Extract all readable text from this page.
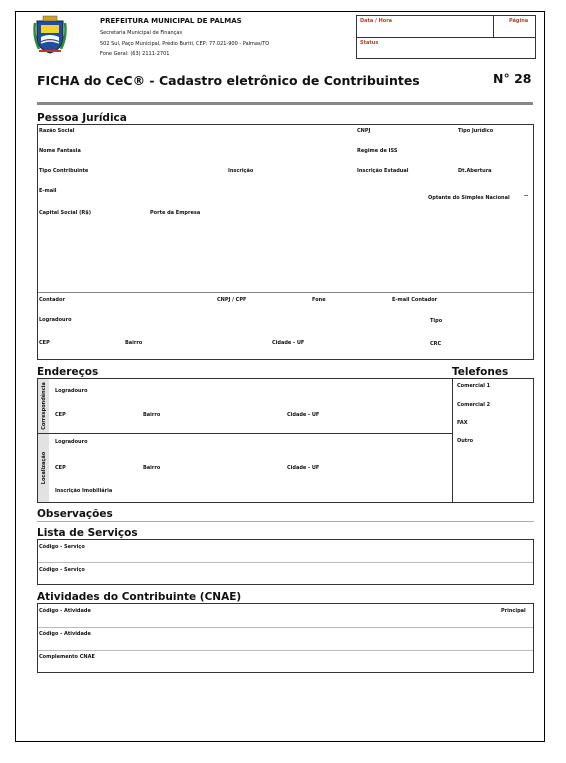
PREFEITURA MUNICIPAL DE PALMAS
Secretaria Municipal de Finanças
502 Sul, Paço Municipal, Prédio Buriti, CEP: 77.021-900 - Palmas/TO
Fone Geral: (63) 2111-2701
Data / Hora	Página
Status
FICHA do CeC® - Cadastro eletrônico de Contribuintes	N° 28
Pessoa Jurídica
Razão Social	CNPJ	Tipo Jurídico
Nome Fantasia	Regime de ISS
Tipo Contribuinte	Inscrição	Inscrição Estadual	Dt.Abertura
E-mail
Optante do Simples Nacional	--
Capital Social (R$)	Porte da Empresa
Contador	CNPJ / CPF	Fone	E-mail Contador
Logradouro	Tipo
CEP	Bairro	Cidade - UF	CRC
Endereços	Telefones
Correspondência
Localização
Logradouro
CEP	Bairro	Cidade - UF
Logradouro
CEP	Bairro	Cidade - UF
Inscrição Imobiliária
Comercial 1
Comercial 2
FAX
Outro
Observações
Lista de Serviços
Código - Serviço
Código - Serviço
Atividades do Contribuinte (CNAE)
Código - Atividade	Principal
Código - Atividade
Complemento CNAE
